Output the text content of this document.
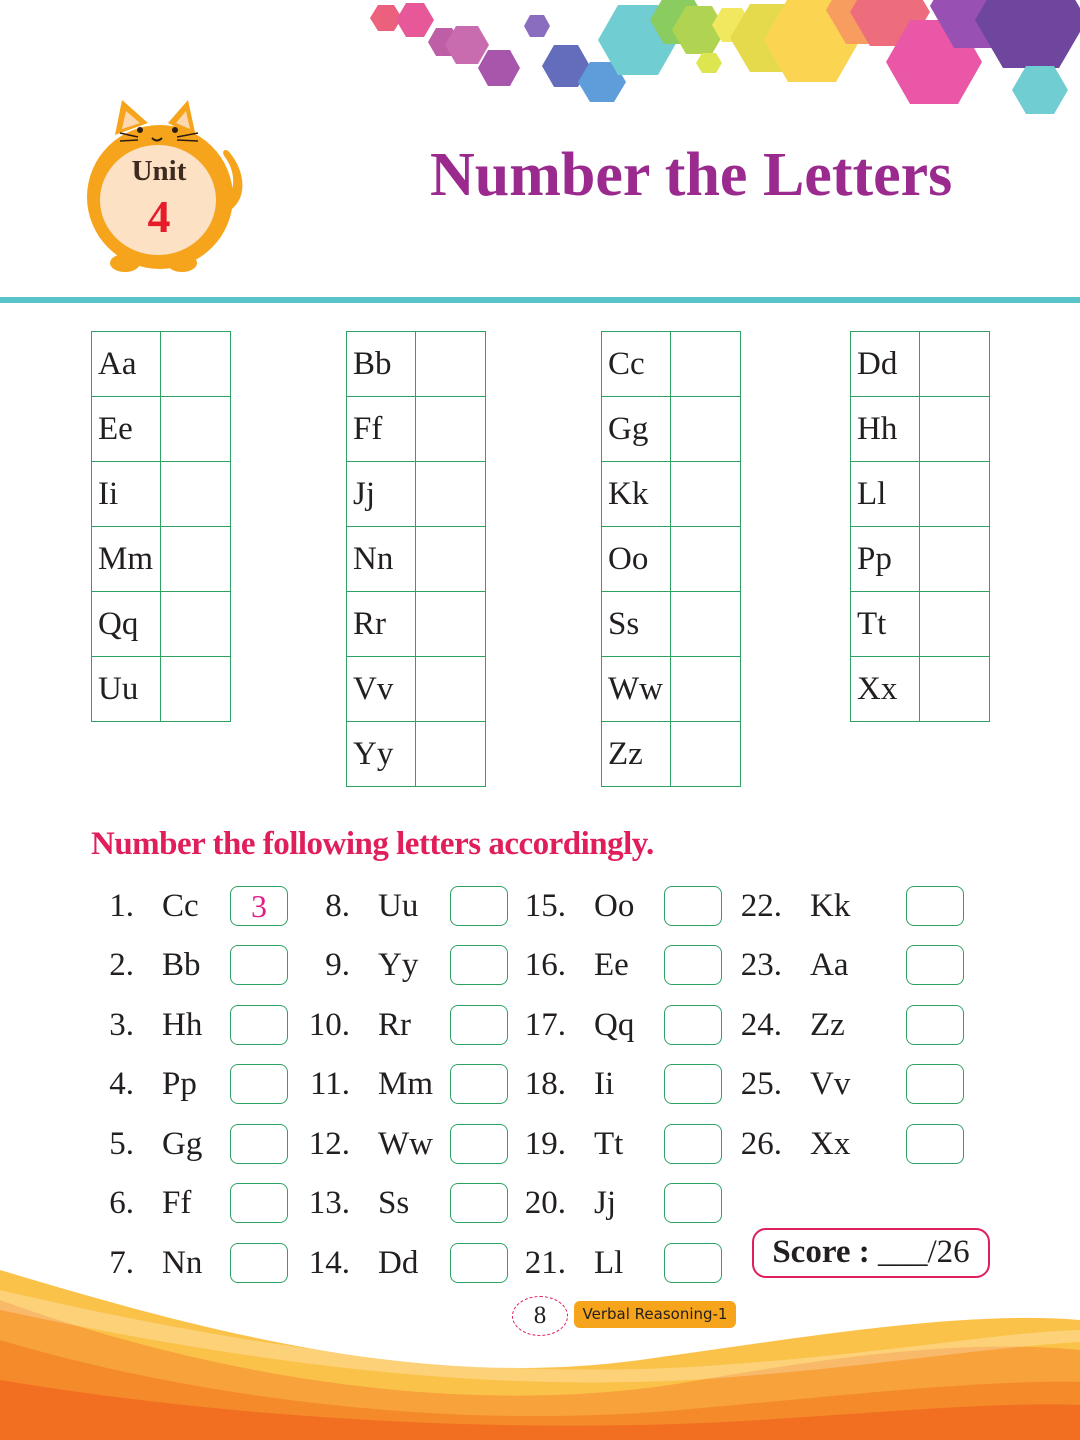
Unit
4
Number the Letters
Aa	
Ee	
Ii	
Mm	
Qq	
Uu	
Bb	
Ff	
Jj	
Nn	
Rr	
Vv	
Yy	
Cc	
Gg	
Kk	
Oo	
Ss	
Ww	
Zz	
Dd	
Hh	
Ll	
Pp	
Tt	
Xx	
Number the following letters accordingly.
1. Cc	3
2. Bb
3. Hh
4. Pp
5. Gg
6. Ff
7. Nn
8. Uu
9. Yy
10. Rr
11. Mm
12. Ww
13. Ss
14. Dd
15. Oo
16. Ee
17. Qq
18. Ii
19. Tt
20. Jj
21. Ll
22. Kk
23. Aa
24. Zz
25. Vv
26. Xx
Score : ___/26
8	Verbal Reasoning-1
